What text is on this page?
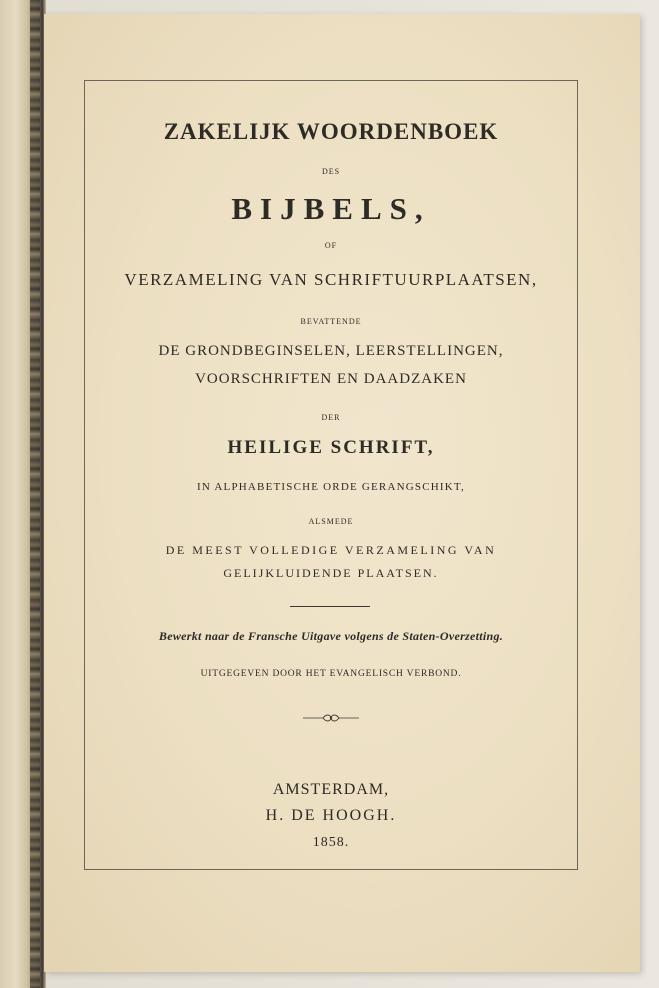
ZAKELIJK WOORDENBOEK
DES
BIJBELS,
OF
VERZAMELING VAN SCHRIFTUURPLAATSEN,
BEVATTENDE
DE GRONDBEGINSELEN, LEERSTELLINGEN,
VOORSCHRIFTEN EN DAADZAKEN
DER
HEILIGE SCHRIFT,
IN ALPHABETISCHE ORDE GERANGSCHIKT,
ALSMEDE
DE MEEST VOLLEDIGE VERZAMELING VAN
GELIJKLUIDENDE PLAATSEN.
Bewerkt naar de Fransche Uitgave volgens de Staten-Overzetting.
UITGEGEVEN DOOR HET EVANGELISCH VERBOND.
AMSTERDAM,
H. DE HOOGH.
1858.
